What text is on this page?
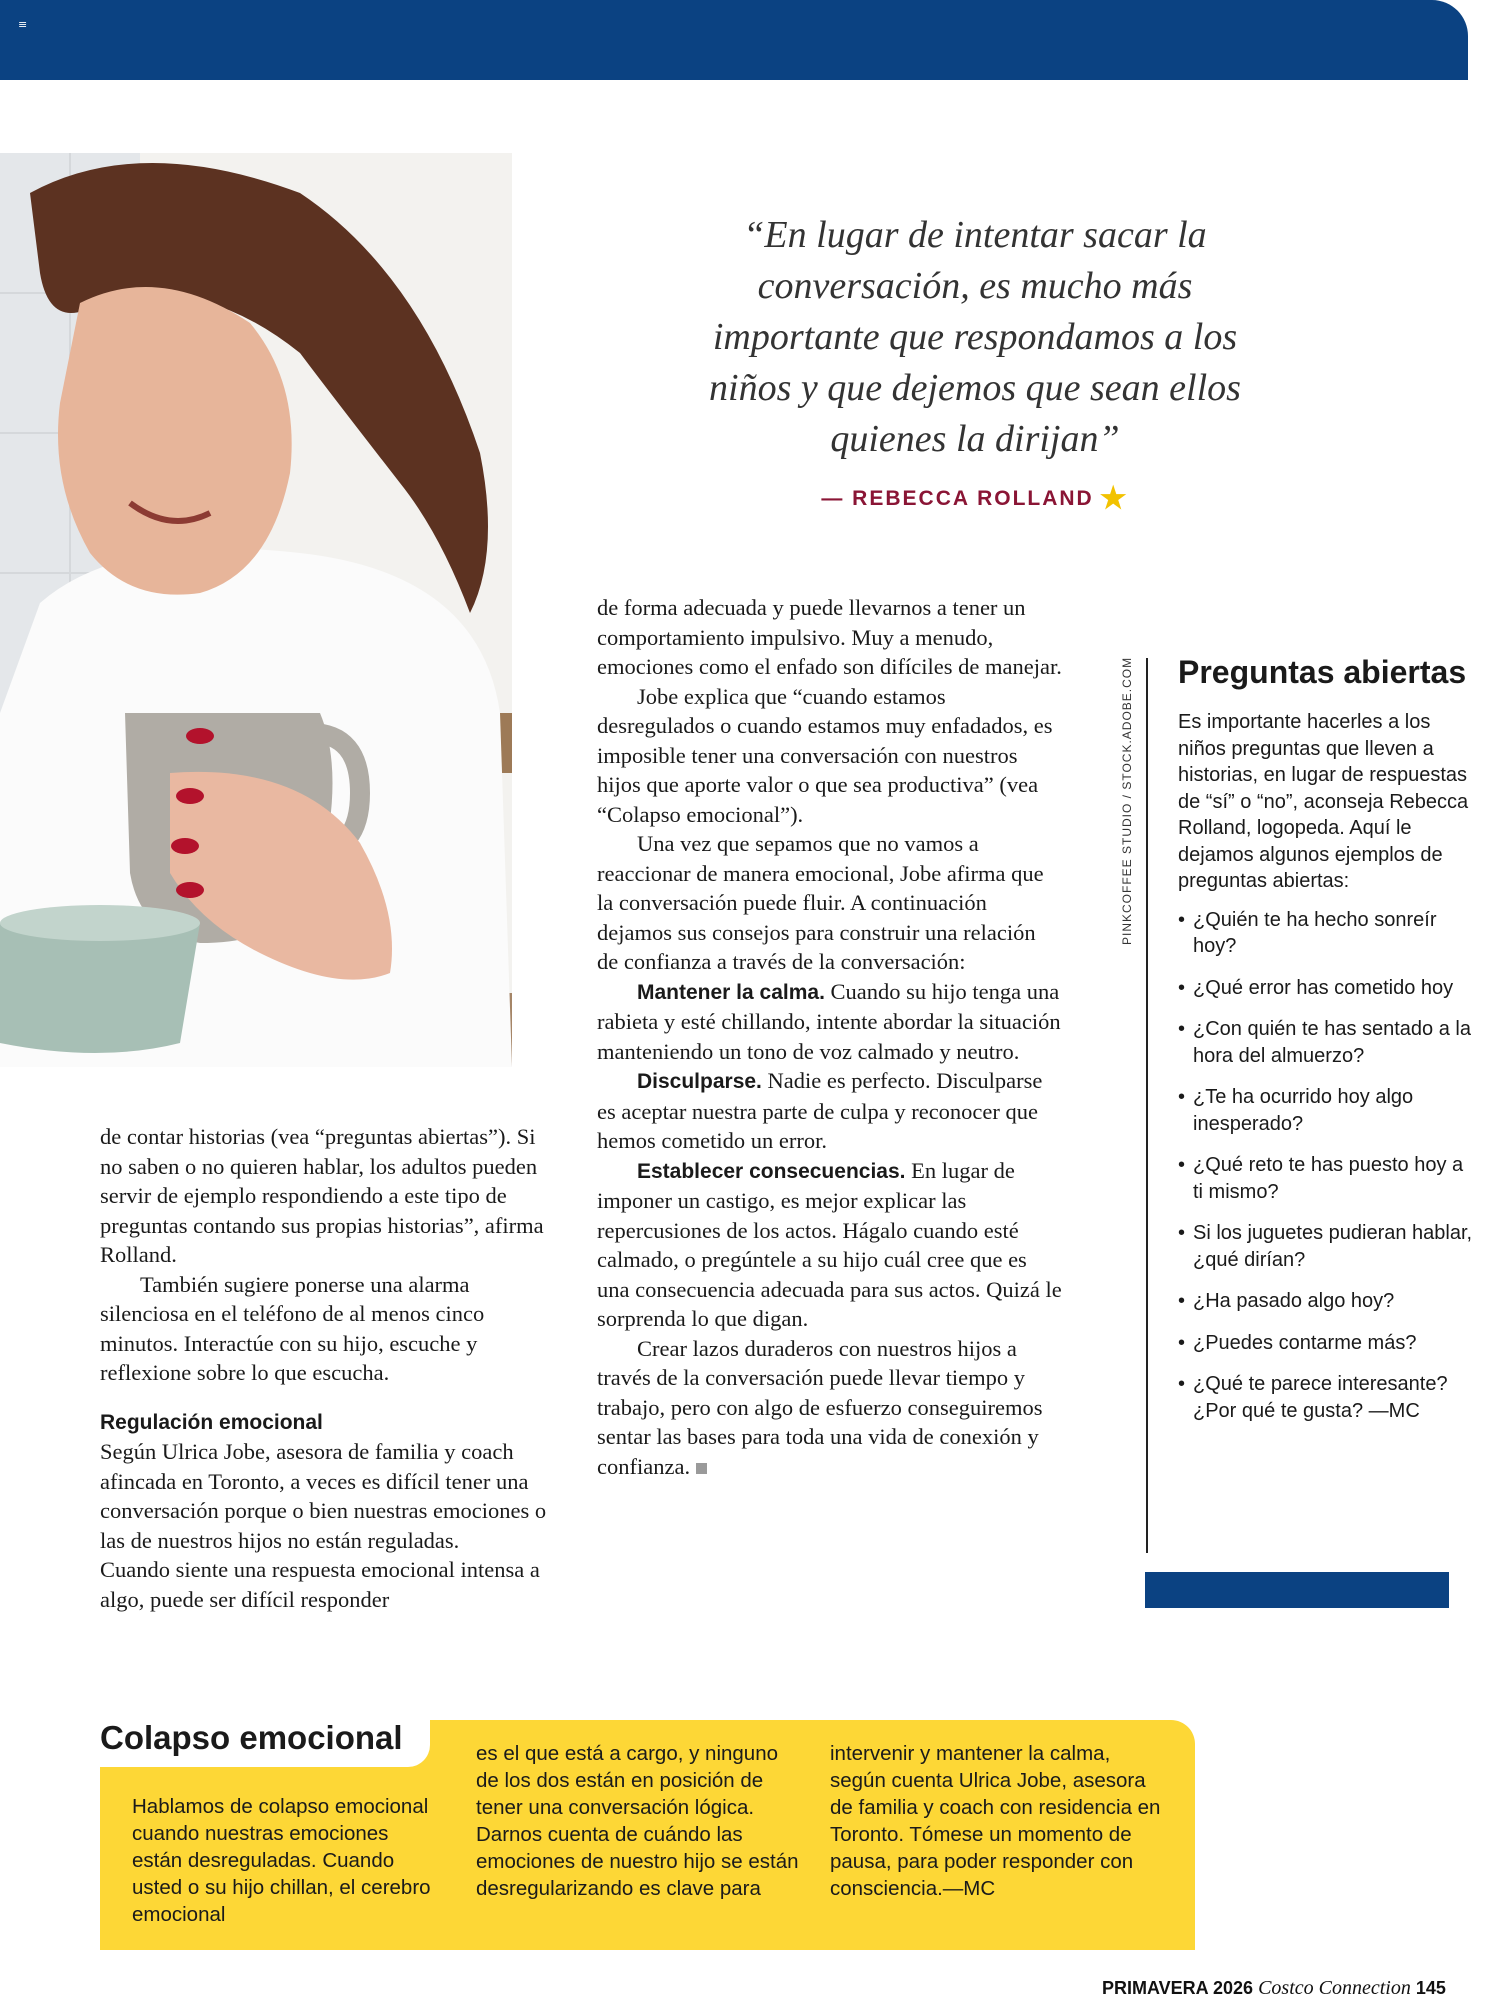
≡
“En lugar de intentar sacar la conversación, es mucho más importante que respondamos a los niños y que dejemos que sean ellos quienes la dirijan”
— REBECCA ROLLAND ★

de contar historias (vea “preguntas abiertas”). Si no saben o no quieren hablar, los adultos pueden servir de ejemplo respondiendo a este tipo de preguntas contando sus propias historias”, afirma Rolland.

También sugiere ponerse una alarma silenciosa en el teléfono de al menos cinco minutos. Interactúe con su hijo, escuche y reflexione sobre lo que escucha.

Regulación emocional

Según Ulrica Jobe, asesora de familia y coach afincada en Toronto, a veces es difícil tener una conversación porque o bien nuestras emociones o las de nuestros hijos no están reguladas.

Cuando siente una respuesta emocional intensa a algo, puede ser difícil responder

de forma adecuada y puede llevarnos a tener un comportamiento impulsivo. Muy a menudo, emociones como el enfado son difíciles de manejar.

Jobe explica que “cuando estamos desregulados o cuando estamos muy enfadados, es imposible tener una conversación con nuestros hijos que aporte valor o que sea productiva” (vea “Colapso emocional”).

Una vez que sepamos que no vamos a reaccionar de manera emocional, Jobe afirma que la conversación puede fluir. A continuación dejamos sus consejos para construir una relación de confianza a través de la conversación:

Mantener la calma. Cuando su hijo tenga una rabieta y esté chillando, intente abordar la situación manteniendo un tono de voz calmado y neutro.

Disculparse. Nadie es perfecto. Disculparse es aceptar nuestra parte de culpa y reconocer que hemos cometido un error.

Establecer consecuencias. En lugar de imponer un castigo, es mejor explicar las repercusiones de los actos. Hágalo cuando esté calmado, o pregúntele a su hijo cuál cree que es una consecuencia adecuada para sus actos. Quizá le sorprenda lo que digan.

Crear lazos duraderos con nuestros hijos a través de la conversación puede llevar tiempo y trabajo, pero con algo de esfuerzo conseguiremos sentar las bases para toda una vida de conexión y confianza.

PINKCOFFEE STUDIO / STOCK.ADOBE.COM Preguntas abiertas

Es importante hacerles a los niños preguntas que lleven a historias, en lugar de respuestas de “sí” o “no”, aconseja Rebecca Rolland, logopeda. Aquí le dejamos algunos ejemplos de preguntas abiertas:

• ¿Quién te ha hecho sonreír hoy?
• ¿Qué error has cometido hoy
• ¿Con quién te has sentado a la hora del almuerzo?
• ¿Te ha ocurrido hoy algo inesperado?
• ¿Qué reto te has puesto hoy a ti mismo?
• Si los juguetes pudieran hablar, ¿qué dirían?
• ¿Ha pasado algo hoy?
• ¿Puedes contarme más?
• ¿Qué te parece interesante? ¿Por qué te gusta? —MC
Colapso emocional
Hablamos de colapso emocional cuando nuestras emociones están desreguladas. Cuando usted o su hijo chillan, el cerebro emocional
es el que está a cargo, y ninguno de los dos están en posición de tener una conversación lógica. Darnos cuenta de cuándo las emociones de nuestro hijo se están desregularizando es clave para
intervenir y mantener la calma, según cuenta Ulrica Jobe, asesora de familia y coach con residencia en Toronto. Tómese un momento de pausa, para poder responder con consciencia.—MC
PRIMAVERA 2026 Costco Connection 145
